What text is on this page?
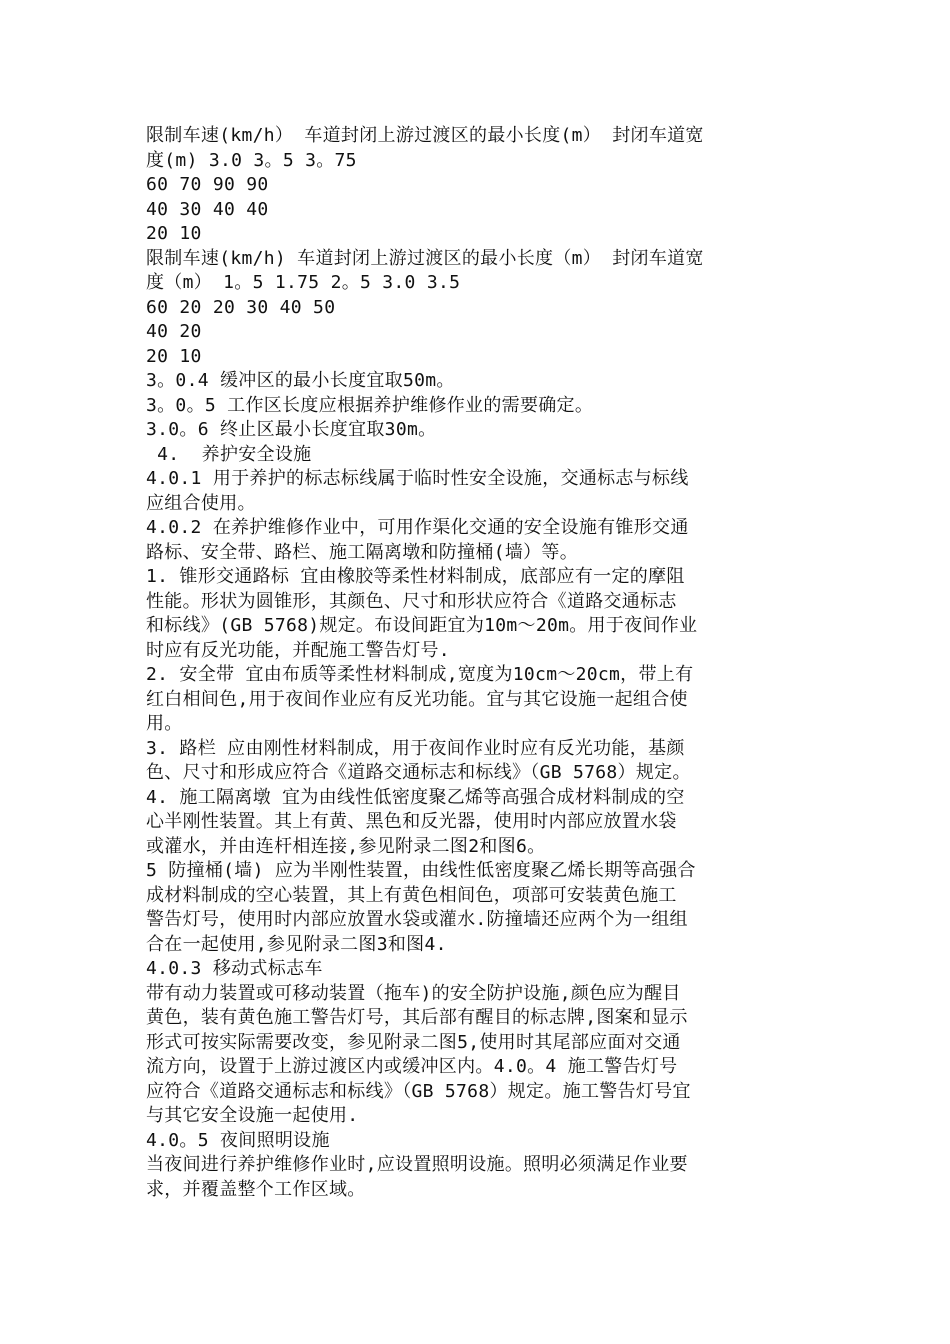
限制车速(km/h） 车道封闭上游过渡区的最小长度(m） 封闭车道宽
度(m) 3.0 3。5 3。75
60 70 90 90
40 30 40 40
20 10
限制车速(km/h) 车道封闭上游过渡区的最小长度（m） 封闭车道宽
度（m） 1。5 1.75 2。5 3.0 3.5
60 20 20 30 40 50
40 20
20 10
3。0.4 缓冲区的最小长度宜取50m。
3。0。5 工作区长度应根据养护维修作业的需要确定。
3.0。6 终止区最小长度宜取30m。
4.  养护安全设施
4.0.1 用于养护的标志标线属于临时性安全设施，交通标志与标线
应组合使用。
4.0.2 在养护维修作业中，可用作渠化交通的安全设施有锥形交通
路标、安全带、路栏、施工隔离墩和防撞桶(墙）等。
1. 锥形交通路标 宜由橡胶等柔性材料制成，底部应有一定的摩阻
性能。形状为圆锥形，其颜色、尺寸和形状应符合《道路交通标志
和标线》(GB 5768)规定。布设间距宜为10m～20m。用于夜间作业
时应有反光功能，并配施工警告灯号.
2. 安全带 宜由布质等柔性材料制成,宽度为10cm～20cm，带上有
红白相间色,用于夜间作业应有反光功能。宜与其它设施一起组合使
用。
3. 路栏 应由刚性材料制成，用于夜间作业时应有反光功能，基颜
色、尺寸和形成应符合《道路交通标志和标线》（GB 5768）规定。
4. 施工隔离墩 宜为由线性低密度聚乙烯等高强合成材料制成的空
心半刚性装置。其上有黄、黑色和反光器，使用时内部应放置水袋
或灌水，并由连杆相连接,参见附录二图2和图6。
5 防撞桶(墙) 应为半刚性装置，由线性低密度聚乙烯长期等高强合
成材料制成的空心装置，其上有黄色相间色，项部可安装黄色施工
警告灯号，使用时内部应放置水袋或灌水.防撞墙还应两个为一组组
合在一起使用,参见附录二图3和图4.
4.0.3 移动式标志车
带有动力装置或可移动装置（拖车)的安全防护设施,颜色应为醒目
黄色，装有黄色施工警告灯号，其后部有醒目的标志牌,图案和显示
形式可按实际需要改变，参见附录二图5,使用时其尾部应面对交通
流方向，设置于上游过渡区内或缓冲区内。4.0。4 施工警告灯号
应符合《道路交通标志和标线》（GB 5768）规定。施工警告灯号宜
与其它安全设施一起使用.
4.0。5 夜间照明设施
当夜间进行养护维修作业时,应设置照明设施。照明必须满足作业要
求，并覆盖整个工作区域。
